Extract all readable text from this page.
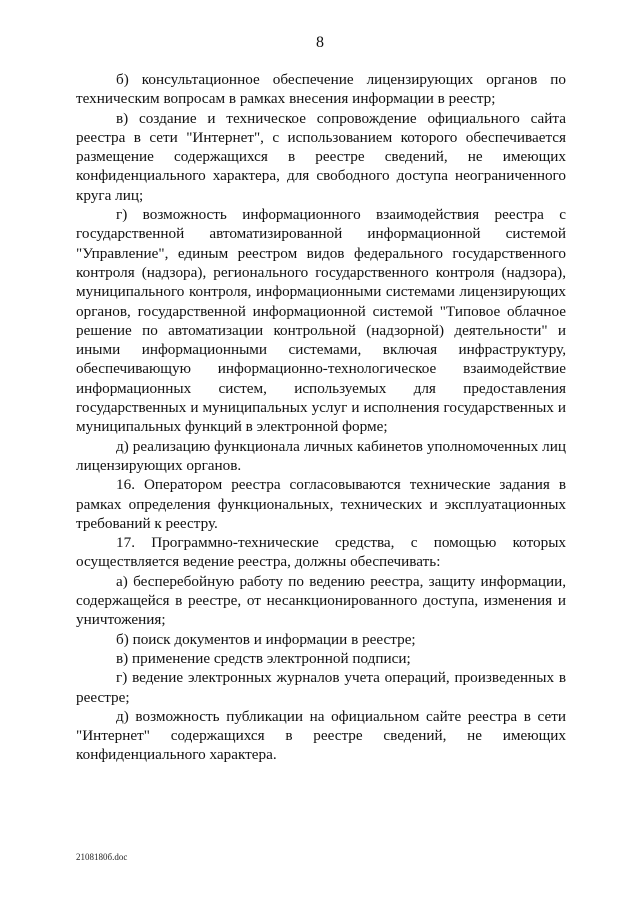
8

б) консультационное обеспечение лицензирующих органов по техническим вопросам в рамках внесения информации в реестр;

в) создание и техническое сопровождение официального сайта реестра в сети "Интернет", с использованием которого обеспечивается размещение содержащихся в реестре сведений, не имеющих конфиденциального характера, для свободного доступа неограниченного круга лиц;

г) возможность информационного взаимодействия реестра с государственной автоматизированной информационной системой "Управление", единым реестром видов федерального государственного контроля (надзора), регионального государственного контроля (надзора), муниципального контроля, информационными системами лицензирующих органов, государственной информационной системой "Типовое облачное решение по автоматизации контрольной (надзорной) деятельности" и иными информационными системами, включая инфраструктуру, обеспечивающую информационно-технологическое взаимодействие информационных систем, используемых для предоставления государственных и муниципальных услуг и исполнения государственных и муниципальных функций в электронной форме;

д) реализацию функционала личных кабинетов уполномоченных лиц лицензирующих органов.

16. Оператором реестра согласовываются технические задания в рамках определения функциональных, технических и эксплуатационных требований к реестру.

17. Программно-технические средства, с помощью которых осуществляется ведение реестра, должны обеспечивать:

а) бесперебойную работу по ведению реестра, защиту информации, содержащейся в реестре, от несанкционированного доступа, изменения и уничтожения;

б) поиск документов и информации в реестре;

в) применение средств электронной подписи;

г) ведение электронных журналов учета операций, произведенных в реестре;

д) возможность публикации на официальном сайте реестра в сети "Интернет" содержащихся в реестре сведений, не имеющих конфиденциального характера.

2108180б.doc
